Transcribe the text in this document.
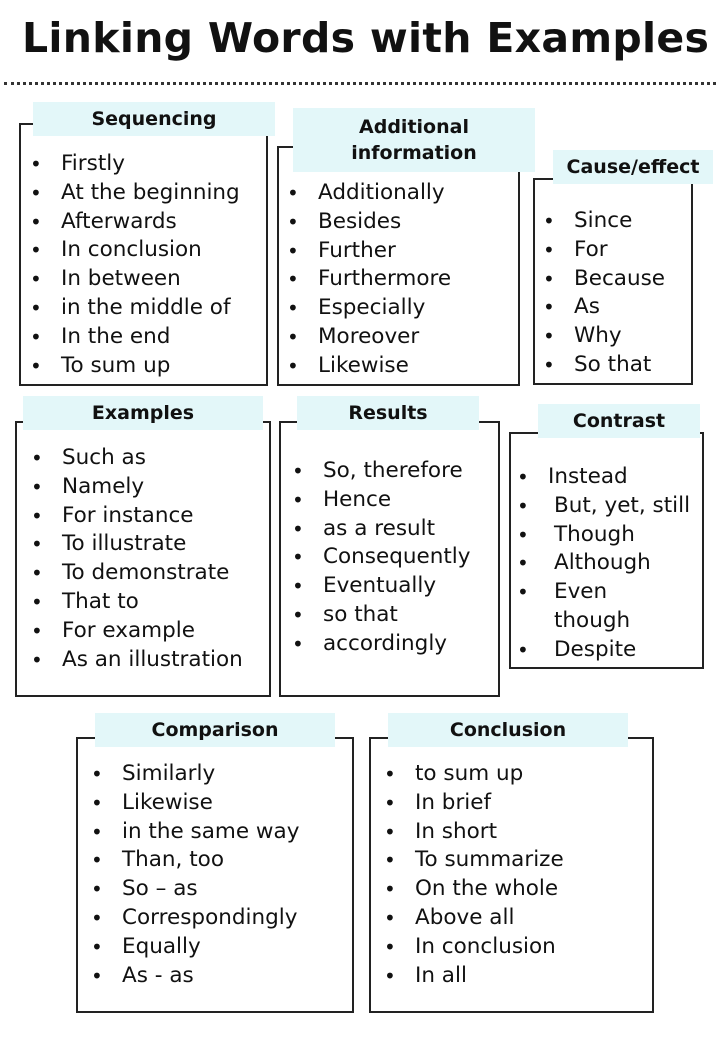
Linking Words with Examples
Sequencing
• Firstly
• At the beginning
• Afterwards
• In conclusion
• In between
• in the middle of
• In the end
• To sum up
Additional
information
• Additionally
• Besides
• Further
• Furthermore
• Especially
• Moreover
• Likewise
Cause/effect
• Since
• For
• Because
• As
• Why
• So that
Examples
• Such as
• Namely
• For instance
• To illustrate
• To demonstrate
• That to
• For example
• As an illustration
Results
• So, therefore
• Hence
• as a result
• Consequently
• Eventually
• so that
• accordingly
Contrast
• Instead
• But, yet, still
• Though
• Although
• Even though
• Despite
Comparison
• Similarly
• Likewise
• in the same way
• Than, too
• So – as
• Correspondingly
• Equally
• As - as
Conclusion
• to sum up
• In brief
• In short
• To summarize
• On the whole
• Above all
• In conclusion
• In all
